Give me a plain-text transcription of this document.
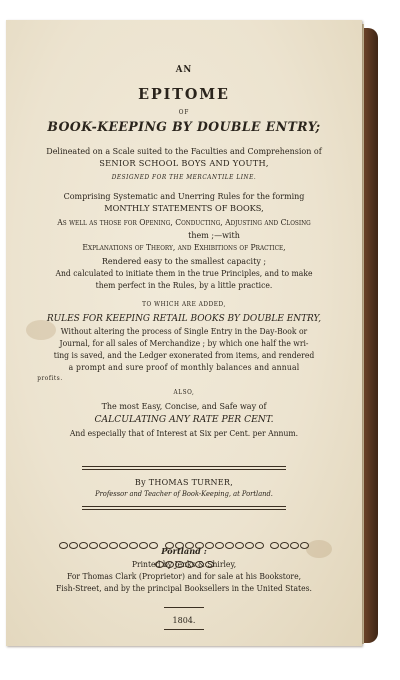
AN
EPITOME
OF
BOOK-KEEPING BY DOUBLE ENTRY;
Delineated on a Scale suited to the Faculties and Comprehension of
SENIOR SCHOOL BOYS AND YOUTH,
DESIGNED FOR THE MERCANTILE LINE.
Comprising Systematic and Unerring Rules for the forming
MONTHLY STATEMENTS OF BOOKS,
As well as those for Opening, Conducting, Adjusting and Closing
them ;—with
Explanations of Theory, and Exhibitions of Practice,
Rendered easy to the smallest capacity ;
And calculated to initiate them in the true Principles, and to make
them perfect in the Rules, by a little practice.
TO WHICH ARE ADDED,
RULES FOR KEEPING RETAIL BOOKS BY DOUBLE ENTRY,
Without altering the process of Single Entry in the Day-Book or
Journal, for all sales of Merchandize ; by which one half the wri-
ting is saved, and the Ledger exonerated from items, and rendered
a prompt and sure proof of monthly balances and annual
profits.
ALSO,
The most Easy, Concise, and Safe way of
CALCULATING ANY RATE PER CENT.
And especially that of Interest at Six per Cent. per Annum.
By THOMAS TURNER,
Professor and Teacher of Book-Keeping, at Portland.

Portland :
Printed by Jenks & Shirley,
For Thomas Clark (Proprietor) and for sale at his Bookstore,
Fish-Street, and by the principal Booksellers in the United States.
1804.
